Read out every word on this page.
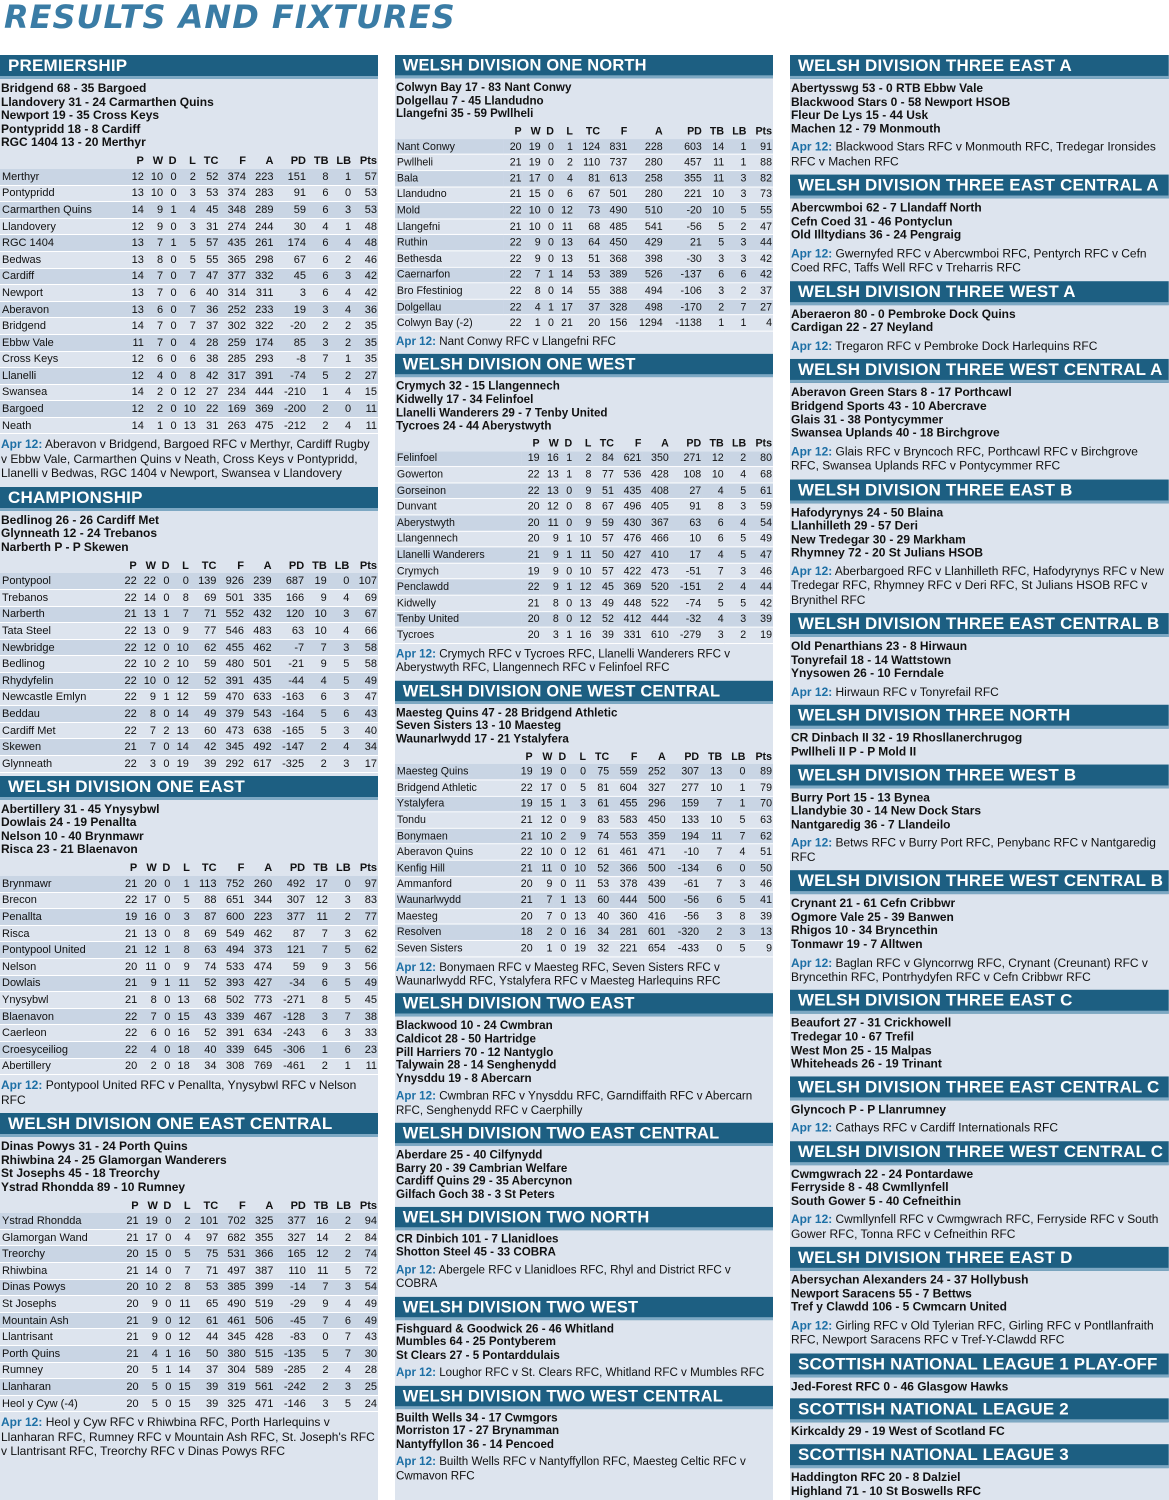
RESULTS AND FIXTURES
PREMIERSHIP
Bridgend 68 - 35 Bargoed
Llandovery 31 - 24 Carmarthen Quins
Newport 19 - 35 Cross Keys
Pontypridd 18 - 8 Cardiff
RGC 1404 13 - 20 Merthyr
	P	W	D	L	TC	F	A	PD	TB	LB	Pts
Merthyr	12	10	0	2	52	374	223	151	8	1	57
Pontypridd	13	10	0	3	53	374	283	91	6	0	53
Carmarthen Quins	14	9	1	4	45	348	289	59	6	3	53
Llandovery	12	9	0	3	31	274	244	30	4	1	48
RGC 1404	13	7	1	5	57	435	261	174	6	4	48
Bedwas	13	8	0	5	55	365	298	67	6	2	46
Cardiff	14	7	0	7	47	377	332	45	6	3	42
Newport	13	7	0	6	40	314	311	3	6	4	42
Aberavon	13	6	0	7	36	252	233	19	3	4	36
Bridgend	14	7	0	7	37	302	322	-20	2	2	35
Ebbw Vale	11	7	0	4	28	259	174	85	3	2	35
Cross Keys	12	6	0	6	38	285	293	-8	7	1	35
Llanelli	12	4	0	8	42	317	391	-74	5	2	27
Swansea	14	2	0	12	27	234	444	-210	1	4	15
Bargoed	12	2	0	10	22	169	369	-200	2	0	11
Neath	14	1	0	13	31	263	475	-212	2	4	11
Apr 12: Aberavon v Bridgend, Bargoed RFC v Merthyr, Cardiff Rugby v Ebbw Vale, Carmarthen Quins v Neath, Cross Keys v Pontypridd, Llanelli v Bedwas, RGC 1404 v Newport, Swansea v Llandovery
CHAMPIONSHIP
Bedlinog 26 - 26 Cardiff Met
Glynneath 12 - 24 Trebanos
Narberth P - P Skewen
	P	W	D	L	TC	F	A	PD	TB	LB	Pts
Pontypool	22	22	0	0	139	926	239	687	19	0	107
Trebanos	22	14	0	8	69	501	335	166	9	4	69
Narberth	21	13	1	7	71	552	432	120	10	3	67
Tata Steel	22	13	0	9	77	546	483	63	10	4	66
Newbridge	22	12	0	10	62	455	462	-7	7	3	58
Bedlinog	22	10	2	10	59	480	501	-21	9	5	58
Rhydyfelin	22	10	0	12	52	391	435	-44	4	5	49
Newcastle Emlyn	22	9	1	12	59	470	633	-163	6	3	47
Beddau	22	8	0	14	49	379	543	-164	5	6	43
Cardiff Met	22	7	2	13	60	473	638	-165	5	3	40
Skewen	21	7	0	14	42	345	492	-147	2	4	34
Glynneath	22	3	0	19	39	292	617	-325	2	3	17
WELSH DIVISION ONE EAST
Abertillery 31 - 45 Ynysybwl
Dowlais 24 - 19 Penallta
Nelson 10 - 40 Brynmawr
Risca 23 - 21 Blaenavon
	P	W	D	L	TC	F	A	PD	TB	LB	Pts
Brynmawr	21	20	0	1	113	752	260	492	17	0	97
Brecon	22	17	0	5	88	651	344	307	12	3	83
Penallta	19	16	0	3	87	600	223	377	11	2	77
Risca	21	13	0	8	69	549	462	87	7	3	62
Pontypool United	21	12	1	8	63	494	373	121	7	5	62
Nelson	20	11	0	9	74	533	474	59	9	3	56
Dowlais	21	9	1	11	52	393	427	-34	6	5	49
Ynysybwl	21	8	0	13	68	502	773	-271	8	5	45
Blaenavon	22	7	0	15	43	339	467	-128	3	7	38
Caerleon	22	6	0	16	52	391	634	-243	6	3	33
Croesyceiliog	22	4	0	18	40	339	645	-306	1	6	23
Abertillery	20	2	0	18	34	308	769	-461	2	1	11
Apr 12: Pontypool United RFC v Penallta, Ynysybwl RFC v Nelson RFC
WELSH DIVISION ONE EAST CENTRAL
Dinas Powys 31 - 24 Porth Quins
Rhiwbina 24 - 25 Glamorgan Wanderers
St Josephs 45 - 18 Treorchy
Ystrad Rhondda 89 - 10 Rumney
	P	W	D	L	TC	F	A	PD	TB	LB	Pts
Ystrad Rhondda	21	19	0	2	101	702	325	377	16	2	94
Glamorgan Wand	21	17	0	4	97	682	355	327	14	2	84
Treorchy	20	15	0	5	75	531	366	165	12	2	74
Rhiwbina	21	14	0	7	71	497	387	110	11	5	72
Dinas Powys	20	10	2	8	53	385	399	-14	7	3	54
St Josephs	20	9	0	11	65	490	519	-29	9	4	49
Mountain Ash	21	9	0	12	61	461	506	-45	7	6	49
Llantrisant	21	9	0	12	44	345	428	-83	0	7	43
Porth Quins	21	4	1	16	50	380	515	-135	5	7	30
Rumney	20	5	1	14	37	304	589	-285	2	4	28
Llanharan	20	5	0	15	39	319	561	-242	2	3	25
Heol y Cyw (-4)	20	5	0	15	39	325	471	-146	3	5	24
Apr 12: Heol y Cyw RFC v Rhiwbina RFC, Porth Harlequins v Llanharan RFC, Rumney RFC v Mountain Ash RFC, St. Joseph's RFC v Llantrisant RFC, Treorchy RFC v Dinas Powys RFC
WELSH DIVISION ONE NORTH
Colwyn Bay 17 - 83 Nant Conwy
Dolgellau 7 - 45 Llandudno
Llangefni 35 - 59 Pwllheli
	P	W	D	L	TC	F	A	PD	TB	LB	Pts
Nant Conwy	20	19	0	1	124	831	228	603	14	1	91
Pwllheli	21	19	0	2	110	737	280	457	11	1	88
Bala	21	17	0	4	81	613	258	355	11	3	82
Llandudno	21	15	0	6	67	501	280	221	10	3	73
Mold	22	10	0	12	73	490	510	-20	10	5	55
Llangefni	21	10	0	11	68	485	541	-56	5	2	47
Ruthin	22	9	0	13	64	450	429	21	5	3	44
Bethesda	22	9	0	13	51	368	398	-30	3	3	42
Caernarfon	22	7	1	14	53	389	526	-137	6	6	42
Bro Ffestiniog	22	8	0	14	55	388	494	-106	3	2	37
Dolgellau	22	4	1	17	37	328	498	-170	2	7	27
Colwyn Bay (-2)	22	1	0	21	20	156	1294	-1138	1	1	4
Apr 12: Nant Conwy RFC v Llangefni RFC
WELSH DIVISION ONE WEST
Crymych 32 - 15 Llangennech
Kidwelly 17 - 34 Felinfoel
Llanelli Wanderers 29 - 7 Tenby United
Tycroes 24 - 44 Aberystwyth
	P	W	D	L	TC	F	A	PD	TB	LB	Pts
Felinfoel	19	16	1	2	84	621	350	271	12	2	80
Gowerton	22	13	1	8	77	536	428	108	10	4	68
Gorseinon	22	13	0	9	51	435	408	27	4	5	61
Dunvant	20	12	0	8	67	496	405	91	8	3	59
Aberystwyth	20	11	0	9	59	430	367	63	6	4	54
Llangennech	20	9	1	10	57	476	466	10	6	5	49
Llanelli Wanderers	21	9	1	11	50	427	410	17	4	5	47
Crymych	19	9	0	10	57	422	473	-51	7	3	46
Penclawdd	22	9	1	12	45	369	520	-151	2	4	44
Kidwelly	21	8	0	13	49	448	522	-74	5	5	42
Tenby United	20	8	0	12	52	412	444	-32	4	3	39
Tycroes	20	3	1	16	39	331	610	-279	3	2	19
Apr 12: Crymych RFC v Tycroes RFC, Llanelli Wanderers RFC v Aberystwyth RFC, Llangennech RFC v Felinfoel RFC
WELSH DIVISION ONE WEST CENTRAL
Maesteg Quins 47 - 28 Bridgend Athletic
Seven Sisters 13 - 10 Maesteg
Waunarlwydd 17 - 21 Ystalyfera
	P	W	D	L	TC	F	A	PD	TB	LB	Pts
Maesteg Quins	19	19	0	0	75	559	252	307	13	0	89
Bridgend Athletic	22	17	0	5	81	604	327	277	10	1	79
Ystalyfera	19	15	1	3	61	455	296	159	7	1	70
Tondu	21	12	0	9	83	583	450	133	10	5	63
Bonymaen	21	10	2	9	74	553	359	194	11	7	62
Aberavon Quins	22	10	0	12	61	461	471	-10	7	4	51
Kenfig Hill	21	11	0	10	52	366	500	-134	6	0	50
Ammanford	20	9	0	11	53	378	439	-61	7	3	46
Waunarlwydd	21	7	1	13	60	444	500	-56	6	5	41
Maesteg	20	7	0	13	40	360	416	-56	3	8	39
Resolven	18	2	0	16	34	281	601	-320	2	3	13
Seven Sisters	20	1	0	19	32	221	654	-433	0	5	9
Apr 12: Bonymaen RFC v Maesteg RFC, Seven Sisters RFC v Waunarlwydd RFC, Ystalyfera RFC v Maesteg Harlequins RFC
WELSH DIVISION TWO EAST
Blackwood 10 - 24 Cwmbran
Caldicot 28 - 50 Hartridge
Pill Harriers 70 - 12 Nantyglo
Talywain 28 - 14 Senghenydd
Ynysddu 19 - 8 Abercarn
Apr 12: Cwmbran RFC v Ynysddu RFC, Garndiffaith RFC v Abercarn RFC, Senghenydd RFC v Caerphilly
WELSH DIVISION TWO EAST CENTRAL
Aberdare 25 - 40 Cilfynydd
Barry 20 - 39 Cambrian Welfare
Cardiff Quins 29 - 35 Abercynon
Gilfach Goch 38 - 3 St Peters
WELSH DIVISION TWO NORTH
CR Dinbich 101 - 7 Llanidloes
Shotton Steel 45 - 33 COBRA
Apr 12: Abergele RFC v Llanidloes RFC, Rhyl and District RFC v COBRA
WELSH DIVISION TWO WEST
Fishguard & Goodwick 26 - 46 Whitland
Mumbles 64 - 25 Pontyberem
St Clears 27 - 5 Pontarddulais
Apr 12: Loughor RFC v St. Clears RFC, Whitland RFC v Mumbles RFC
WELSH DIVISION TWO WEST CENTRAL
Builth Wells 34 - 17 Cwmgors
Morriston 17 - 27 Brynamman
Nantyffyllon 36 - 14 Pencoed
Apr 12: Builth Wells RFC v Nantyffyllon RFC, Maesteg Celtic RFC v Cwmavon RFC
WELSH DIVISION THREE EAST A
Abertysswg 53 - 0 RTB Ebbw Vale
Blackwood Stars 0 - 58 Newport HSOB
Fleur De Lys 15 - 44 Usk
Machen 12 - 79 Monmouth
Apr 12: Blackwood Stars RFC v Monmouth RFC, Tredegar Ironsides RFC v Machen RFC
WELSH DIVISION THREE EAST CENTRAL A
Abercwmboi 62 - 7 Llandaff North
Cefn Coed 31 - 46 Pontyclun
Old Illtydians 36 - 24 Pengraig
Apr 12: Gwernyfed RFC v Abercwmboi RFC, Pentyrch RFC v Cefn Coed RFC, Taffs Well RFC v Treharris RFC
WELSH DIVISION THREE WEST A
Aberaeron 80 - 0 Pembroke Dock Quins
Cardigan 22 - 27 Neyland
Apr 12: Tregaron RFC v Pembroke Dock Harlequins RFC
WELSH DIVISION THREE WEST CENTRAL A
Aberavon Green Stars 8 - 17 Porthcawl
Bridgend Sports 43 - 10 Abercrave
Glais 31 - 38 Pontycymmer
Swansea Uplands 40 - 18 Birchgrove
Apr 12: Glais RFC v Bryncoch RFC, Porthcawl RFC v Birchgrove RFC, Swansea Uplands RFC v Pontycymmer RFC
WELSH DIVISION THREE EAST B
Hafodyrynys 24 - 50 Blaina
Llanhilleth 29 - 57 Deri
New Tredegar 30 - 29 Markham
Rhymney 72 - 20 St Julians HSOB
Apr 12: Aberbargoed RFC v Llanhilleth RFC, Hafodyrynys RFC v New Tredegar RFC, Rhymney RFC v Deri RFC, St Julians HSOB RFC v Brynithel RFC
WELSH DIVISION THREE EAST CENTRAL B
Old Penarthians 23 - 8 Hirwaun
Tonyrefail 18 - 14 Wattstown
Ynysowen 26 - 10 Ferndale
Apr 12: Hirwaun RFC v Tonyrefail RFC
WELSH DIVISION THREE NORTH
CR Dinbach II 32 - 19 Rhosllanerchrugog
Pwllheli II P - P Mold II
WELSH DIVISION THREE WEST B
Burry Port 15 - 13 Bynea
Llandybie 30 - 14 New Dock Stars
Nantgaredig 36 - 7 Llandeilo
Apr 12: Betws RFC v Burry Port RFC, Penybanc RFC v Nantgaredig RFC
WELSH DIVISION THREE WEST CENTRAL B
Crynant 21 - 61 Cefn Cribbwr
Ogmore Vale 25 - 39 Banwen
Rhigos 10 - 34 Bryncethin
Tonmawr 19 - 7 Alltwen
Apr 12: Baglan RFC v Glyncorrwg RFC, Crynant (Creunant) RFC v Bryncethin RFC, Pontrhydyfen RFC v Cefn Cribbwr RFC
WELSH DIVISION THREE EAST C
Beaufort 27 - 31 Crickhowell
Tredegar 10 - 67 Trefil
West Mon 25 - 15 Malpas
Whiteheads 26 - 19 Trinant
WELSH DIVISION THREE EAST CENTRAL C
Glyncoch P - P Llanrumney
Apr 12: Cathays RFC v Cardiff Internationals RFC
WELSH DIVISION THREE WEST CENTRAL C
Cwmgwrach 22 - 24 Pontardawe
Ferryside 8 - 48 Cwmllynfell
South Gower 5 - 40 Cefneithin
Apr 12: Cwmllynfell RFC v Cwmgwrach RFC, Ferryside RFC v South Gower RFC, Tonna RFC v Cefneithin RFC
WELSH DIVISION THREE EAST D
Abersychan Alexanders 24 - 37 Hollybush
Newport Saracens 55 - 7 Bettws
Tref y Clawdd 106 - 5 Cwmcarn United
Apr 12: Girling RFC v Old Tylerian RFC, Girling RFC v Pontllanfraith RFC, Newport Saracens RFC v Tref-Y-Clawdd RFC
SCOTTISH NATIONAL LEAGUE 1 PLAY-OFF
Jed-Forest RFC 0 - 46 Glasgow Hawks
SCOTTISH NATIONAL LEAGUE 2
Kirkcaldy 29 - 19 West of Scotland FC
SCOTTISH NATIONAL LEAGUE 3
Haddington RFC 20 - 8 Dalziel
Highland 71 - 10 St Boswells RFC
